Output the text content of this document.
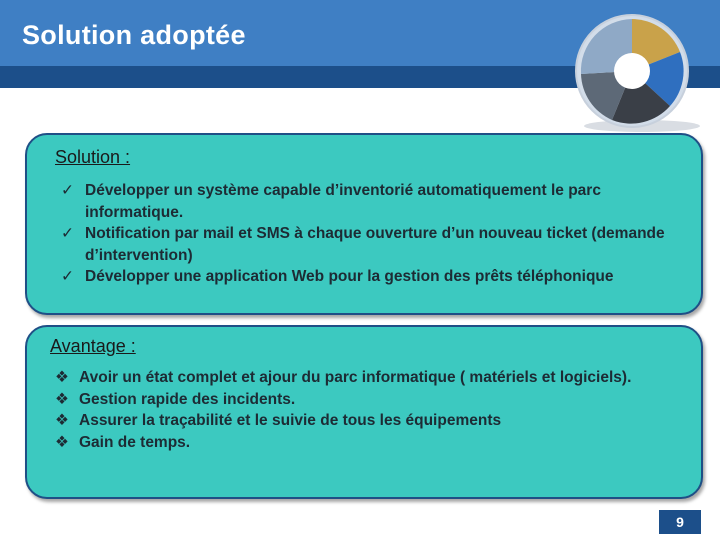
Solution adoptée
Solution :
✓ Développer un système capable d’inventorié automatiquement le parc informatique.
✓ Notification par mail et SMS à chaque ouverture d’un nouveau ticket (demande d’intervention)
✓ Développer une application Web pour la gestion des prêts téléphonique
Avantage :
❖ Avoir un état complet et ajour du parc informatique ( matériels et logiciels).
❖ Gestion rapide des incidents.
❖ Assurer la traçabilité et le suivie de tous les équipements
❖ Gain de temps.
9
